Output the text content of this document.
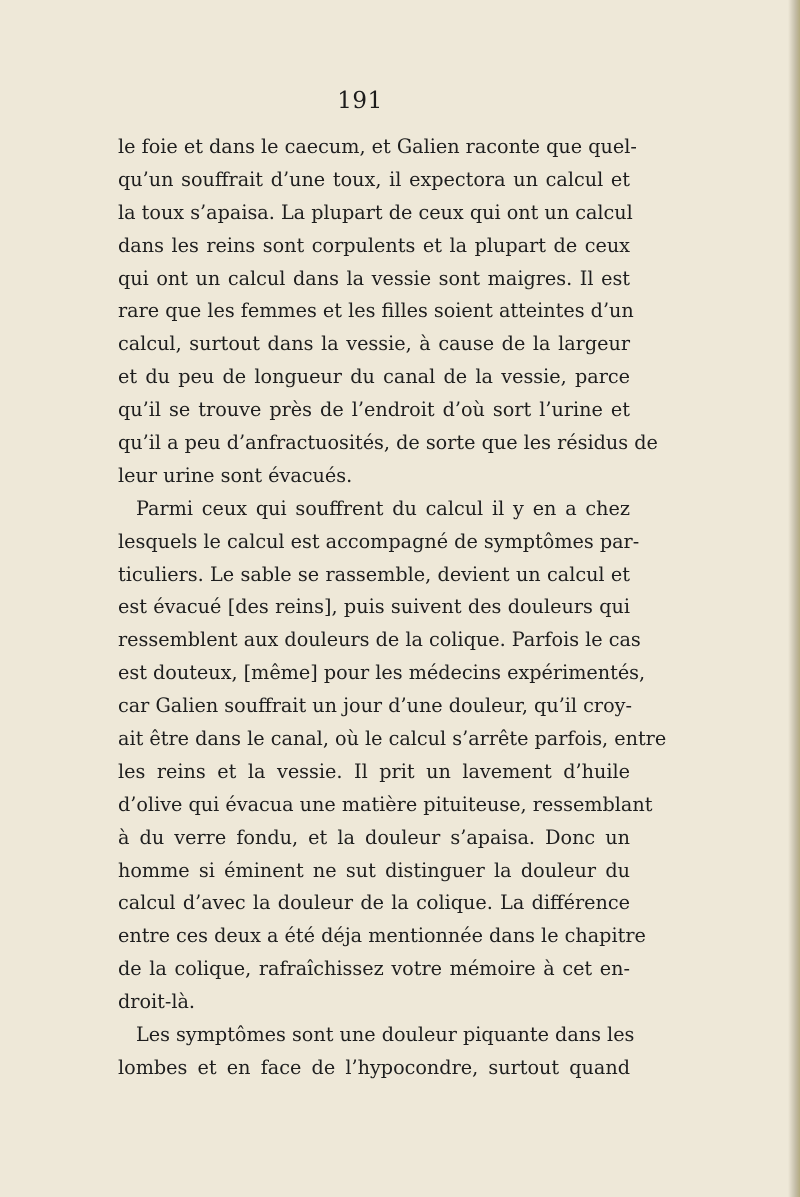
191
le foie et dans le caecum, et Galien raconte que quel-
qu’un souffrait d’une toux, il expectora un calcul et
la toux s’apaisa. La plupart de ceux qui ont un calcul
dans les reins sont corpulents et la plupart de ceux
qui ont un calcul dans la vessie sont maigres. Il est
rare que les femmes et les filles soient atteintes d’un
calcul, surtout dans la vessie, à cause de la largeur
et du peu de longueur du canal de la vessie, parce
qu’il se trouve près de l’endroit d’où sort l’urine et
qu’il a peu d’anfractuosités, de sorte que les résidus de
leur urine sont évacués.
Parmi ceux qui souffrent du calcul il y en a chez
lesquels le calcul est accompagné de symptômes par-
ticuliers. Le sable se rassemble, devient un calcul et
est évacué [des reins], puis suivent des douleurs qui
ressemblent aux douleurs de la colique. Parfois le cas
est douteux, [même] pour les médecins expérimentés,
car Galien souffrait un jour d’une douleur, qu’il croy-
ait être dans le canal, où le calcul s’arrête parfois, entre
les reins et la vessie. Il prit un lavement d’huile
d’olive qui évacua une matière pituiteuse, ressemblant
à du verre fondu, et la douleur s’apaisa. Donc un
homme si éminent ne sut distinguer la douleur du
calcul d’avec la douleur de la colique. La différence
entre ces deux a été déja mentionnée dans le chapitre
de la colique, rafraîchissez votre mémoire à cet en-
droit-là.
Les symptômes sont une douleur piquante dans les
lombes et en face de l’hypocondre, surtout quand
